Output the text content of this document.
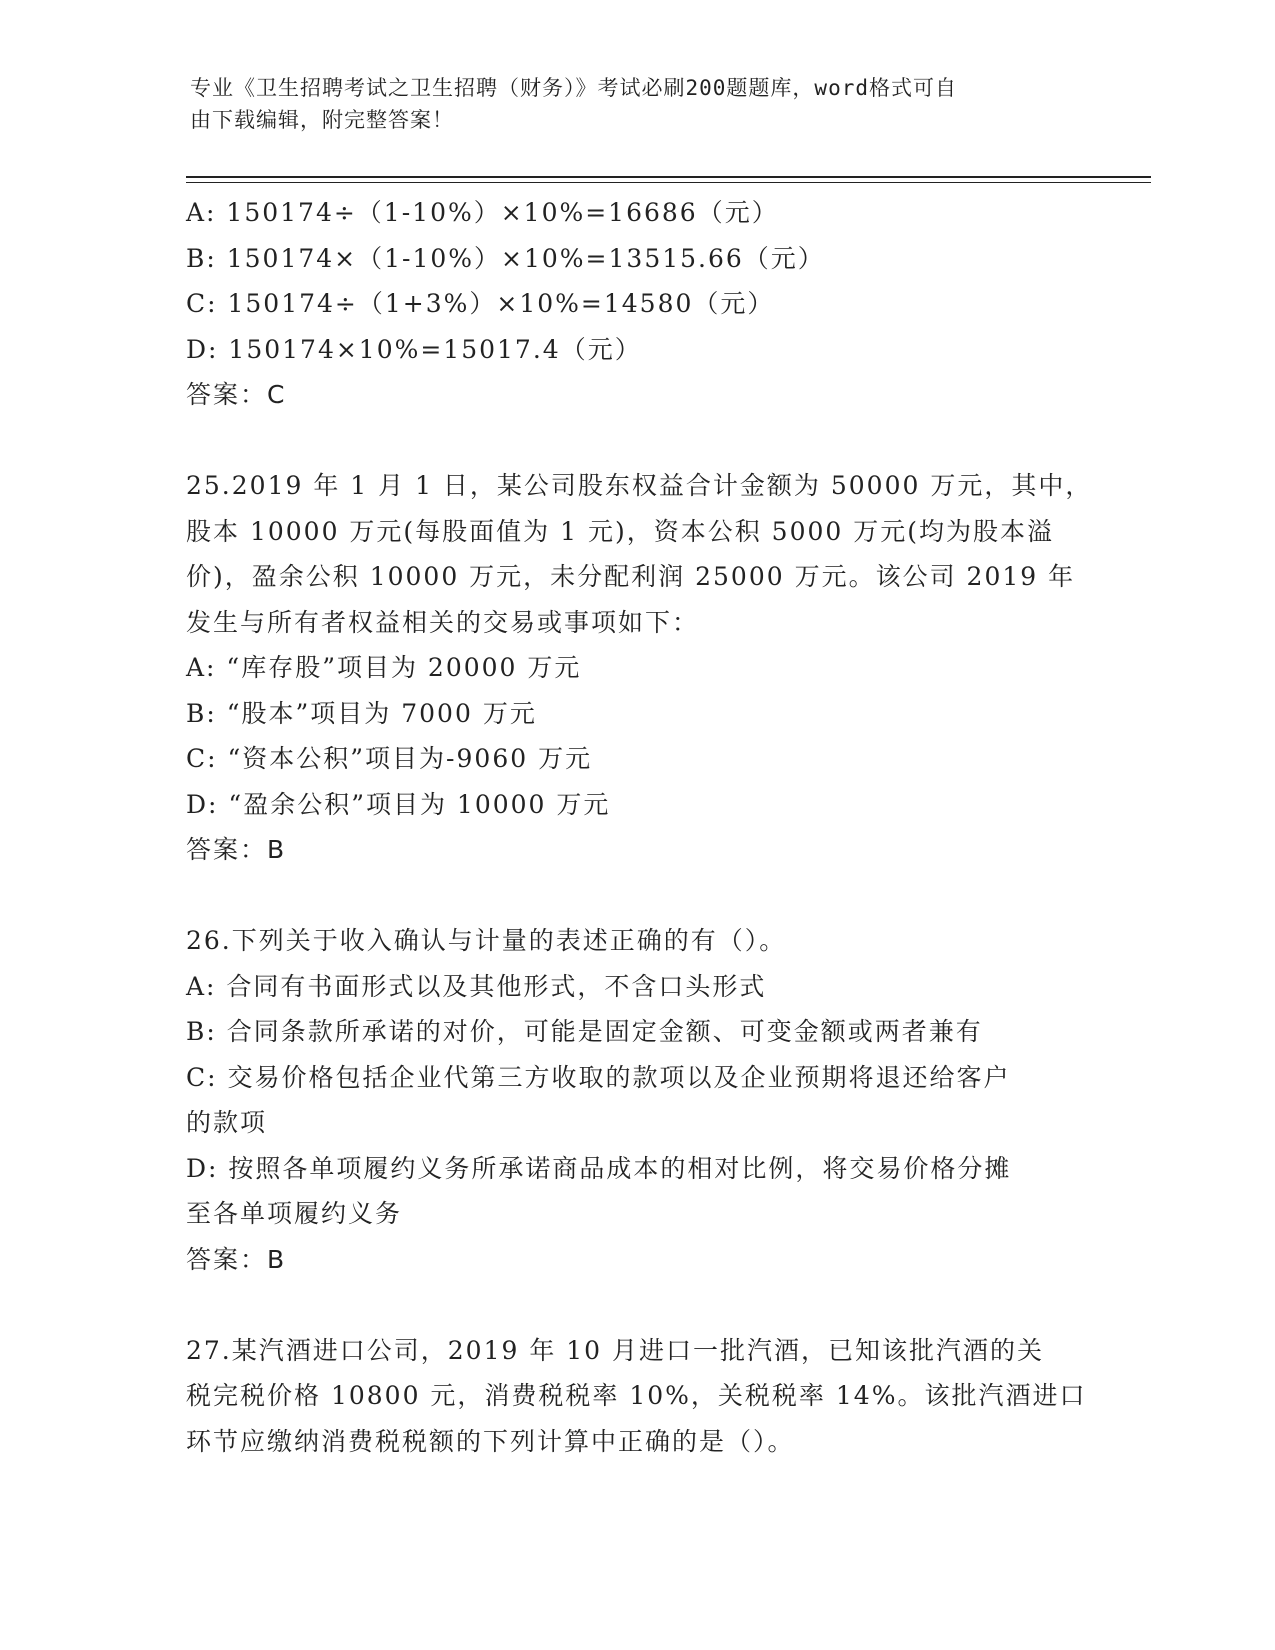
专业《卫生招聘考试之卫生招聘（财务）》考试必刷200题题库，word格式可自
由下载编辑，附完整答案！
A: 150174÷（1-10%）×10%=16686（元）
B: 150174×（1-10%）×10%=13515.66（元）
C: 150174÷（1+3%）×10%=14580（元）
D: 150174×10%=15017.4（元）
答案：C
25.2019 年 1 月 1 日，某公司股东权益合计金额为 50000 万元，其中，
股本 10000 万元(每股面值为 1 元)，资本公积 5000 万元(均为股本溢
价)，盈余公积 10000 万元，未分配利润 25000 万元。该公司 2019 年
发生与所有者权益相关的交易或事项如下：
A: “库存股”项目为 20000 万元
B: “股本”项目为 7000 万元
C: “资本公积”项目为-9060 万元
D: “盈余公积”项目为 10000 万元
答案：B
26.下列关于收入确认与计量的表述正确的有（）。
A: 合同有书面形式以及其他形式，不含口头形式
B: 合同条款所承诺的对价，可能是固定金额、可变金额或两者兼有
C: 交易价格包括企业代第三方收取的款项以及企业预期将退还给客户
的款项
D: 按照各单项履约义务所承诺商品成本的相对比例，将交易价格分摊
至各单项履约义务
答案：B
27.某汽酒进口公司，2019 年 10 月进口一批汽酒，已知该批汽酒的关
税完税价格 10800 元，消费税税率 10%，关税税率 14%。该批汽酒进口
环节应缴纳消费税税额的下列计算中正确的是（）。
